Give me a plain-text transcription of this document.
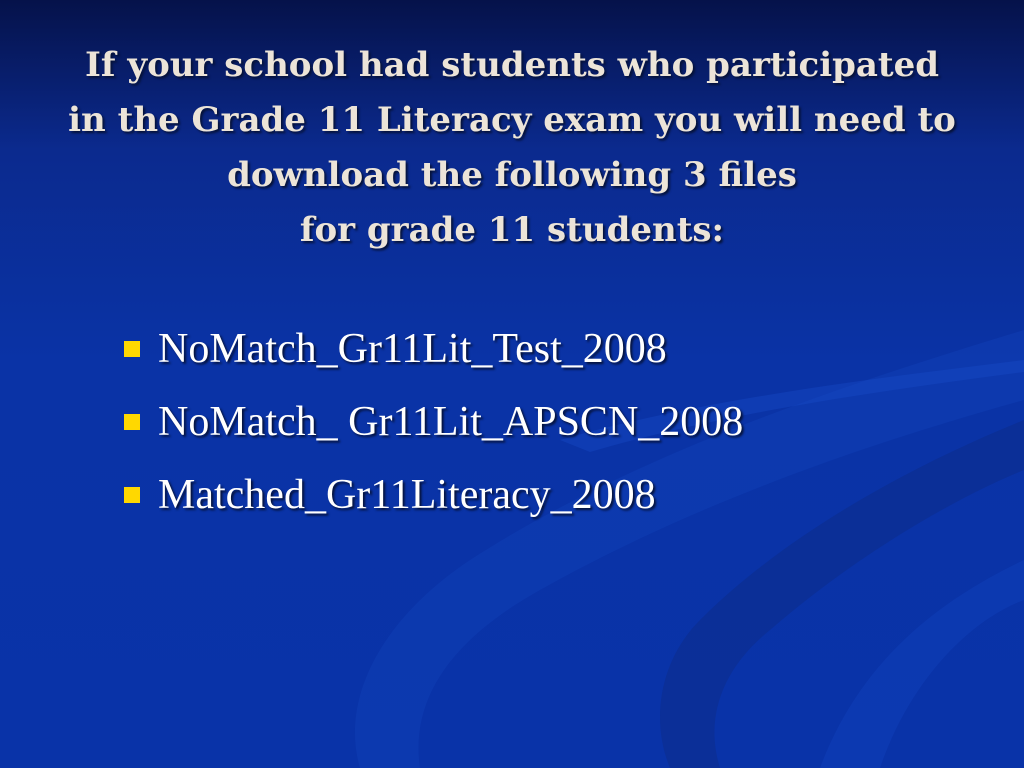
If your school had students who participated
in the Grade 11 Literacy exam you will need to
download the following 3 files
for grade 11 students:
NoMatch_Gr11Lit_Test_2008
NoMatch_ Gr11Lit_APSCN_2008
Matched_Gr11Literacy_2008
